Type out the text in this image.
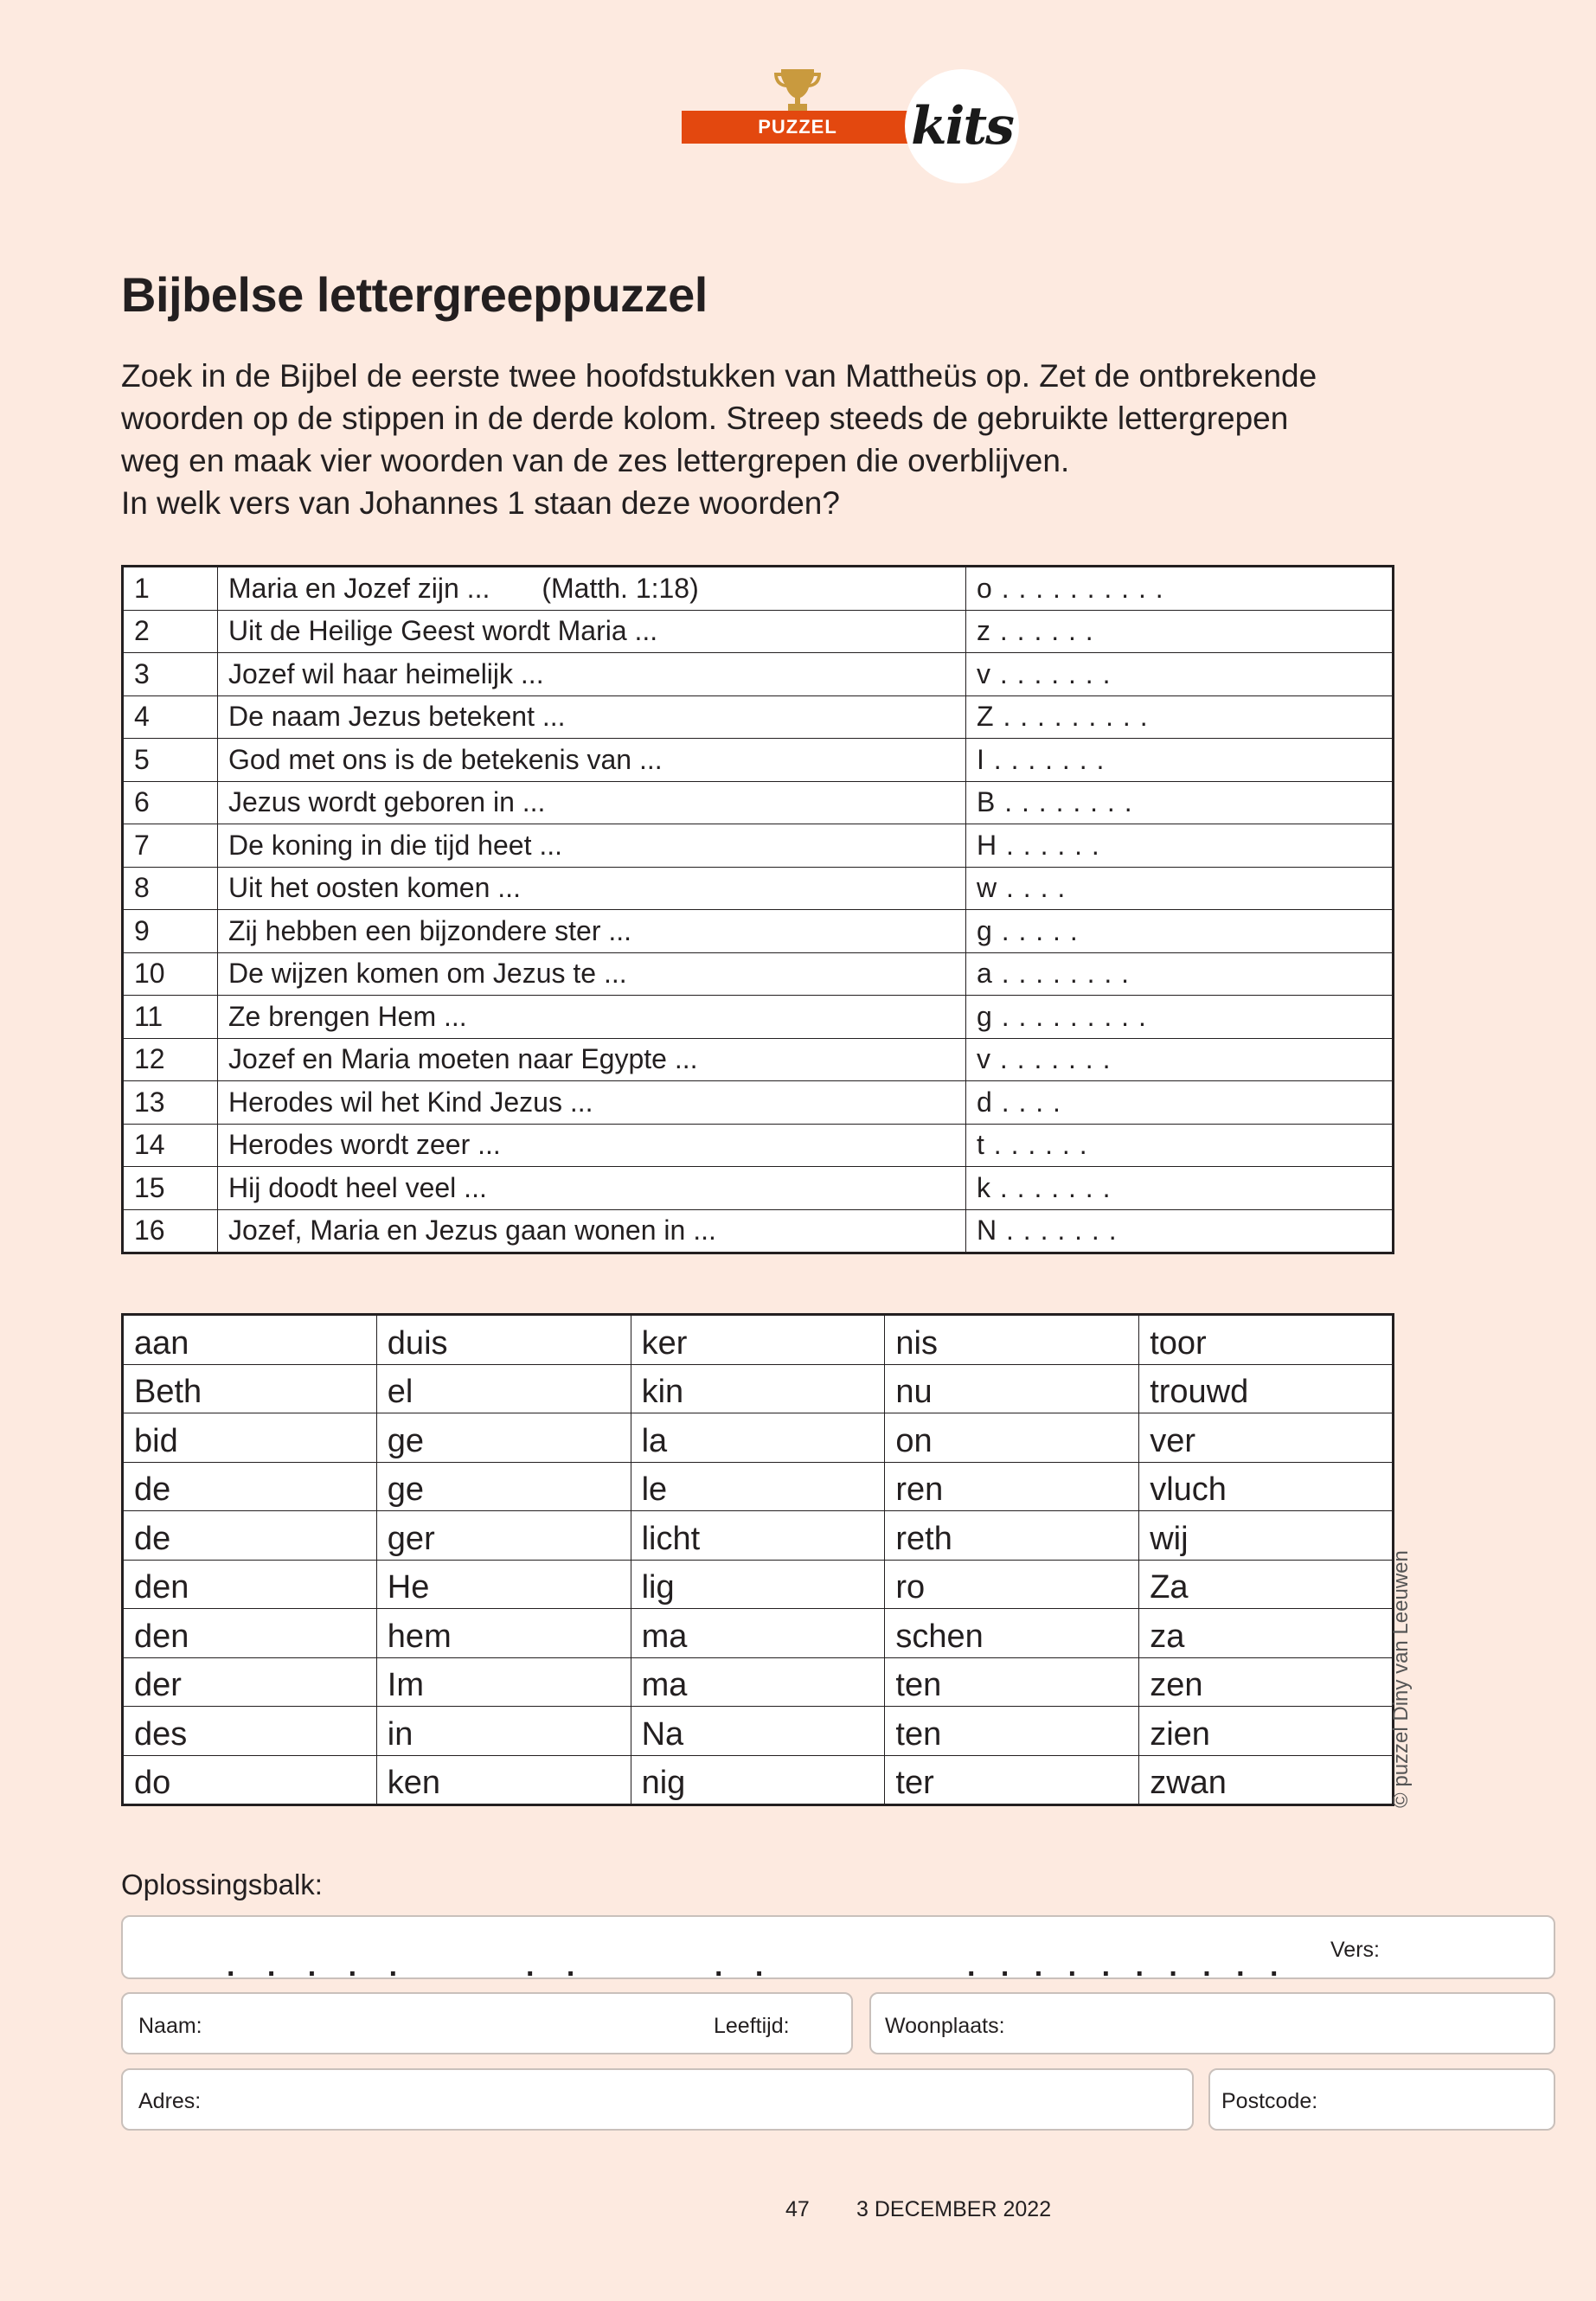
PUZZEL	kits
Bijbelse lettergreeppuzzel
Zoek in de Bijbel de eerste twee hoofdstukken van Mattheüs op. Zet de ontbrekende
woorden op de stippen in de derde kolom. Streep steeds de gebruikte lettergrepen
weg en maak vier woorden van de zes lettergrepen die overblijven.
In welk vers van Johannes 1 staan deze woorden?
1	Maria en Jozef zijn ... (Matth. 1:18)	o . . . . . . . . . .
2	Uit de Heilige Geest wordt Maria ...	z . . . . . .
3	Jozef wil haar heimelijk ...	v . . . . . . .
4	De naam Jezus betekent ...	Z . . . . . . . . .
5	God met ons is de betekenis van ...	I . . . . . . .
6	Jezus wordt geboren in ...	B . . . . . . . .
7	De koning in die tijd heet ...	H . . . . . .
8	Uit het oosten komen ...	w . . . .
9	Zij hebben een bijzondere ster ...	g . . . . .
10	De wijzen komen om Jezus te ...	a . . . . . . . .
11	Ze brengen Hem ...	g . . . . . . . . .
12	Jozef en Maria moeten naar Egypte ...	v . . . . . . .
13	Herodes wil het Kind Jezus ...	d . . . .
14	Herodes wordt zeer ...	t . . . . . .
15	Hij doodt heel veel ...	k . . . . . . .
16	Jozef, Maria en Jezus gaan wonen in ...	N . . . . . . .
aan	duis	ker	nis	toor
Beth	el	kin	nu	trouwd
bid	ge	la	on	ver
de	ge	le	ren	vluch
de	ger	licht	reth	wij
den	He	lig	ro	Za
den	hem	ma	schen	za
der	Im	ma	ten	zen
des	in	Na	ten	zien
do	ken	nig	ter	zwan	© puzzel Diny van Leeuwen
Oplossingsbalk:
. . . . .	. .	. .	. . . . . . . . . . Vers:
Naam:	Leeftijd:	Woonplaats:
Adres:	Postcode:
47 3 DECEMBER 2022
